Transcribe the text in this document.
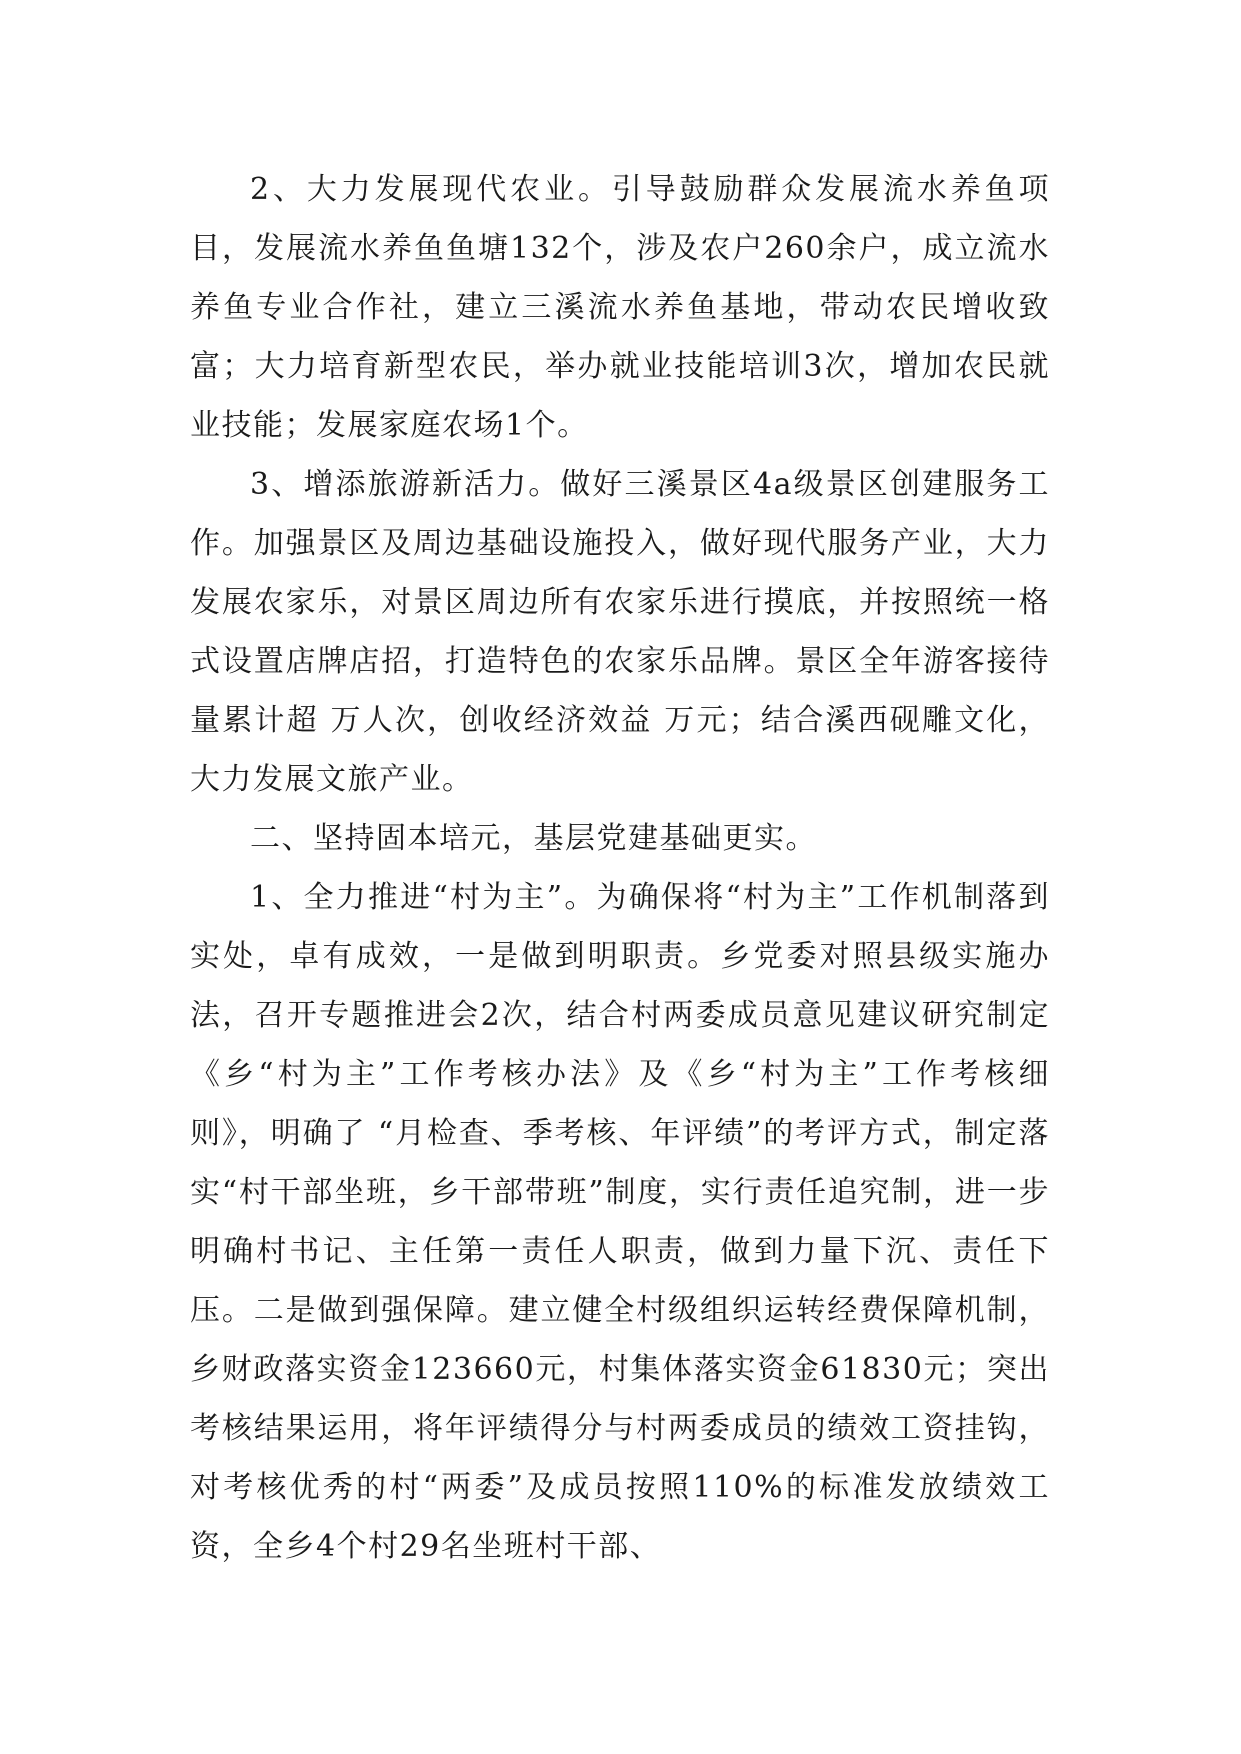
2、大力发展现代农业。引导鼓励群众发展流水养鱼项目，发展流水养鱼鱼塘132个，涉及农户260余户，成立流水养鱼专业合作社，建立三溪流水养鱼基地，带动农民增收致富；大力培育新型农民，举办就业技能培训3次，增加农民就业技能；发展家庭农场1个。

3、增添旅游新活力。做好三溪景区4a级景区创建服务工作。加强景区及周边基础设施投入，做好现代服务产业，大力发展农家乐，对景区周边所有农家乐进行摸底，并按照统一格式设置店牌店招，打造特色的农家乐品牌。景区全年游客接待量累计超 万人次，创收经济效益 万元；结合溪西砚雕文化，大力发展文旅产业。

二、坚持固本培元，基层党建基础更实。

1、全力推进“村为主”。为确保将“村为主”工作机制落到实处，卓有成效，一是做到明职责。乡党委对照县级实施办法，召开专题推进会2次，结合村两委成员意见建议研究制定《乡“村为主”工作考核办法》及《乡“村为主”工作考核细则》，明确了 “月检查、季考核、年评绩”的考评方式，制定落实“村干部坐班，乡干部带班”制度，实行责任追究制，进一步明确村书记、主任第一责任人职责，做到力量下沉、责任下压。二是做到强保障。建立健全村级组织运转经费保障机制，乡财政落实资金123660元，村集体落实资金61830元；突出考核结果运用，将年评绩得分与村两委成员的绩效工资挂钩，对考核优秀的村“两委”及成员按照110%的标准发放绩效工资，全乡4个村29名坐班村干部、
